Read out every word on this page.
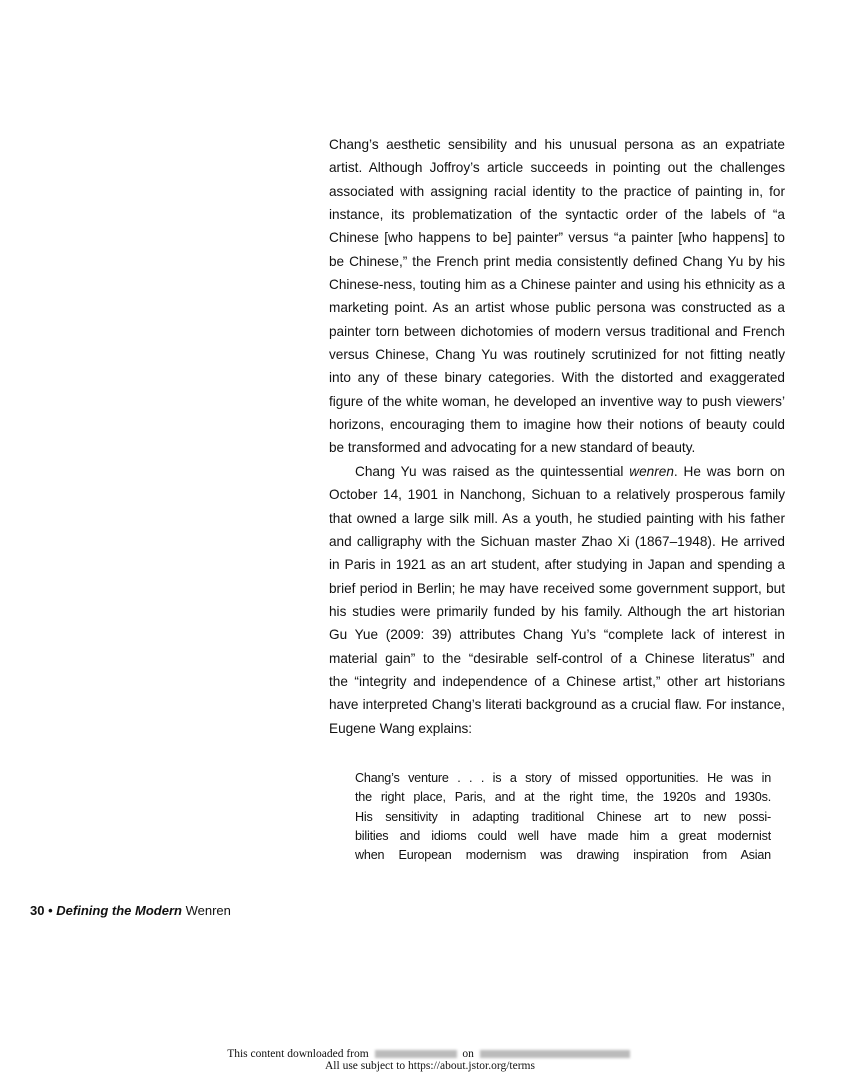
Chang’s aesthetic sensibility and his unusual persona as an expatriate
artist. Although Joffroy’s article succeeds in pointing out the challenges
associated with assigning racial identity to the practice of painting in, for
instance, its problematization of the syntactic order of the labels of “a
Chinese [who happens to be] painter” versus “a painter [who happens] to
be Chinese,” the French print media consistently defined Chang Yu by his
Chinese-ness, touting him as a Chinese painter and using his ethnicity as a
marketing point. As an artist whose public persona was constructed as a
painter torn between dichotomies of modern versus traditional and French
versus Chinese, Chang Yu was routinely scrutinized for not fitting neatly
into any of these binary categories. With the distorted and exaggerated
figure of the white woman, he developed an inventive way to push viewers’
horizons, encouraging them to imagine how their notions of beauty could
be transformed and advocating for a new standard of beauty.
Chang Yu was raised as the quintessential wenren. He was born on
October 14, 1901 in Nanchong, Sichuan to a relatively prosperous family
that owned a large silk mill. As a youth, he studied painting with his father
and calligraphy with the Sichuan master Zhao Xi (1867–1948). He arrived
in Paris in 1921 as an art student, after studying in Japan and spending a
brief period in Berlin; he may have received some government support, but
his studies were primarily funded by his family. Although the art historian
Gu Yue (2009: 39) attributes Chang Yu’s “complete lack of interest in
material gain” to the “desirable self-control of a Chinese literatus” and
the “integrity and independence of a Chinese artist,” other art historians
have interpreted Chang’s literati background as a crucial flaw. For instance,
Eugene Wang explains:
Chang’s venture . . . is a story of missed opportunities. He was in
the right place, Paris, and at the right time, the 1920s and 1930s.
His sensitivity in adapting traditional Chinese art to new possi-
bilities and idioms could well have made him a great modernist
when European modernism was drawing inspiration from Asian
30 • Defining the Modern Wenren
This content downloaded from	on
All use subject to https://about.jstor.org/terms
